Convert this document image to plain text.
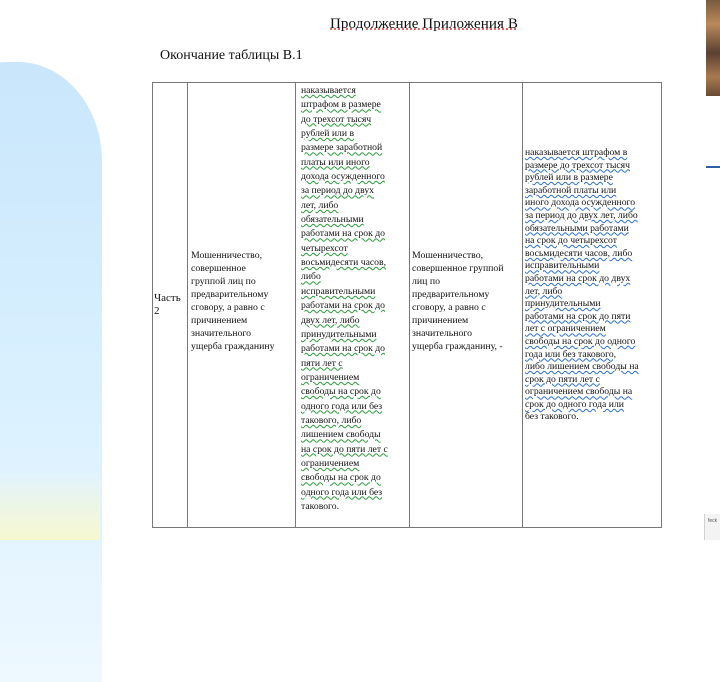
feck
Продолжение Приложения В
Окончание таблицы В.1
Часть
2
Мошенничество,
совершенное
группой лиц по
предварительному
сговору, а равно с
причинением
значительного
ущерба гражданину
наказывается
штрафом в размере
до трехсот тысяч
рублей или в
размере заработной
платы или иного
дохода осужденного
за период до двух
лет, либо
обязательными
работами на срок до
четырехсот
восьмидесяти часов,
либо
исправительными
работами на срок до
двух лет, либо
принудительными
работами на срок до
пяти лет с
ограничением
свободы на срок до
одного года или без
такового, либо
лишением свободы
на срок до пяти лет с
ограничением
свободы на срок до
одного года или без
такового.
Мошенничество,
совершенное группой
лиц по
предварительному
сговору, а равно с
причинением
значительного
ущерба гражданину, -
наказывается штрафом в
размере до трехсот тысяч
рублей или в размере
заработной платы или
иного дохода осужденного
за период до двух лет, либо
обязательными работами
на срок до четырехсот
восьмидесяти часов, либо
исправительными
работами на срок до двух
лет, либо
принудительными
работами на срок до пяти
лет с ограничением
свободы на срок до одного
года или без такового,
либо лишением свободы на
срок до пяти лет с
ограничением свободы на
срок до одного года или
без такового.
